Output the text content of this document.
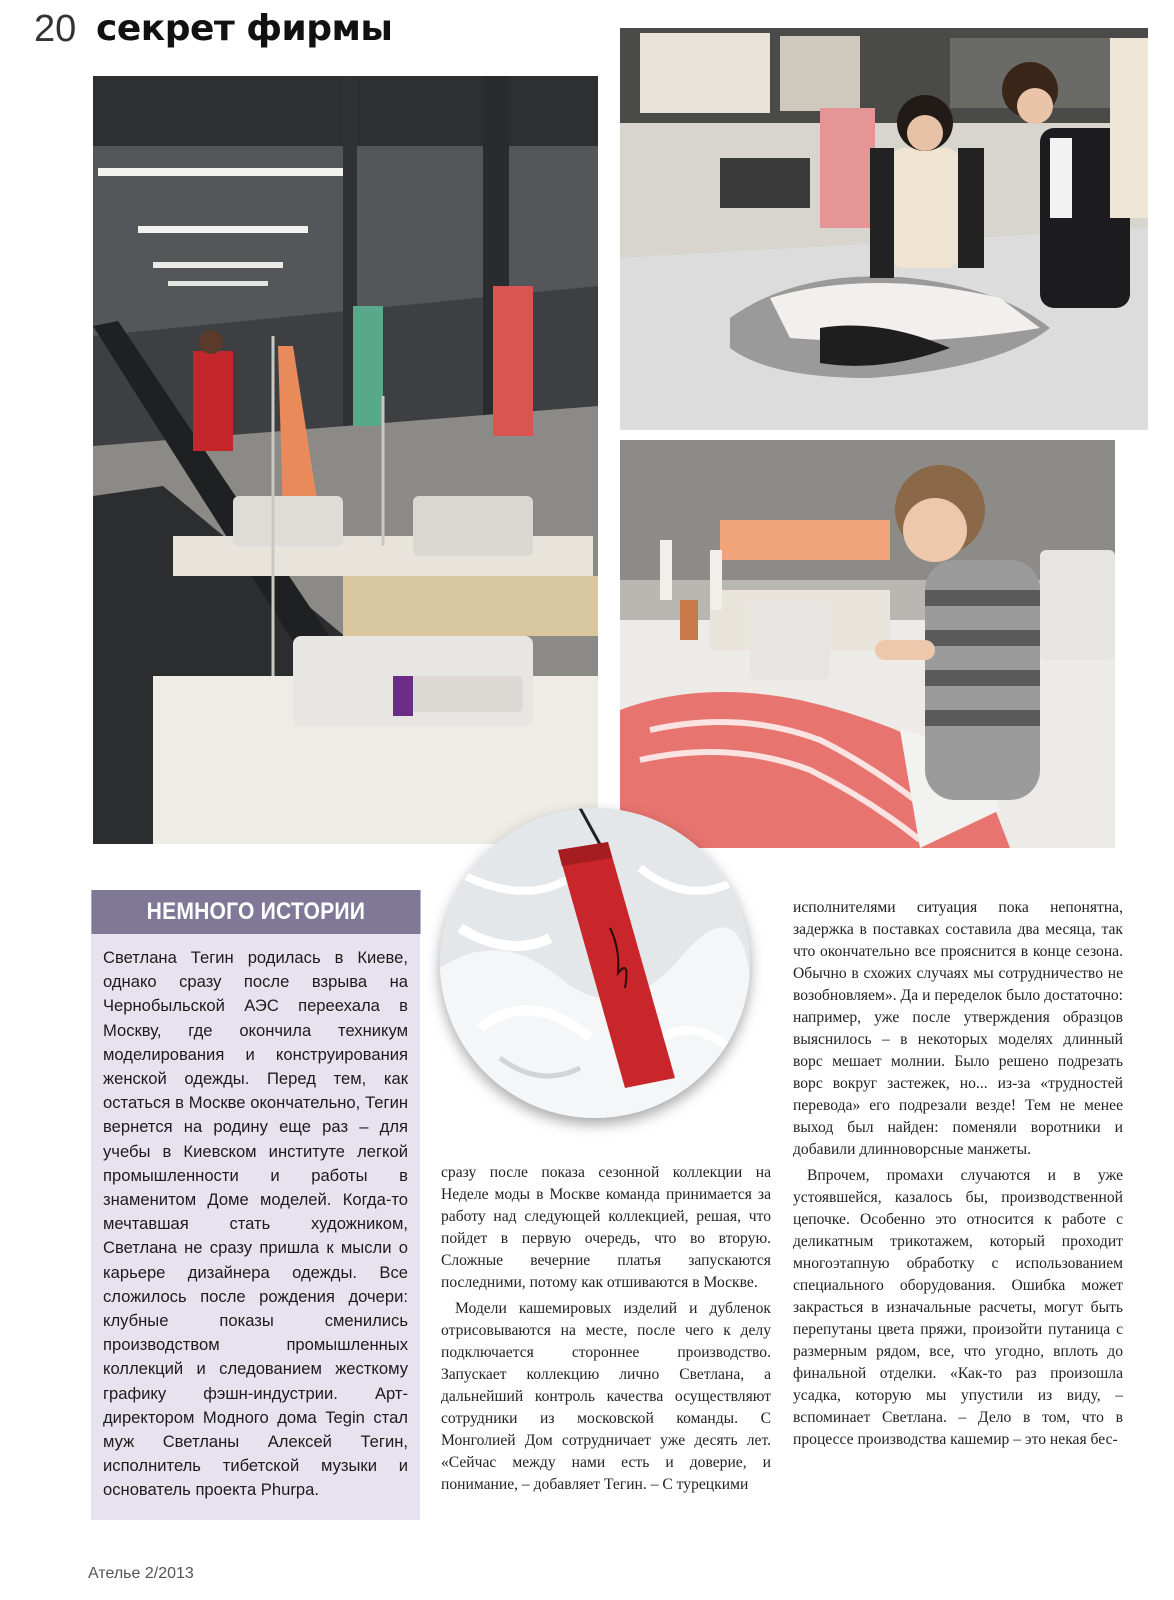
20 секрет фирмы
НЕМНОГО ИСТОРИИ
Светлана Тегин родилась в Киеве, однако сразу после взрыва на Чернобыльской АЭС переехала в Москву, где окончила техникум моделирования и конструирования женской одежды. Перед тем, как остаться в Москве окончательно, Тегин вернется на родину еще раз – для учебы в Киевском институте легкой промышленности и работы в знаменитом Доме моделей. Когда-то мечтавшая стать художником, Светлана не сразу пришла к мысли о карьере дизайнера одежды. Все сложилось после рождения дочери: клубные показы сменились производством промышленных коллекций и следованием жесткому графику фэшн-индустрии. Арт-директором Модного дома Tegin стал муж Светланы Алексей Тегин, исполнитель тибетской музыки и основатель проекта Phurpa.

сразу после показа сезонной коллекции на Неделе моды в Москве команда принимается за работу над следующей коллекцией, решая, что пойдет в первую очередь, что во вторую. Сложные вечерние платья запускаются последними, потому как отшиваются в Москве.

Модели кашемировых изделий и дубленок отрисовываются на месте, после чего к делу подключается стороннее производство. Запускает коллекцию лично Светлана, а дальнейший контроль качества осуществляют сотрудники из московской команды. С Монголией Дом сотрудничает уже десять лет. «Сейчас между нами есть и доверие, и понимание, – добавляет Тегин. – С турецкими

исполнителями ситуация пока непонятна, задержка в поставках составила два месяца, так что окончательно все прояснится в конце сезона. Обычно в схожих случаях мы сотрудничество не возобновляем». Да и переделок было достаточно: например, уже после утверждения образцов выяснилось – в некоторых моделях длинный ворс мешает молнии. Было решено подрезать ворс вокруг застежек, но... из-за «трудностей перевода» его подрезали везде! Тем не менее выход был найден: поменяли воротники и добавили длинноворсные манжеты.

Впрочем, промахи случаются и в уже устоявшейся, казалось бы, производственной цепочке. Особенно это относится к работе с деликатным трикотажем, который проходит многоэтапную обработку с использованием специального оборудования. Ошибка может закрасться в изначальные расчеты, могут быть перепутаны цвета пряжи, произойти путаница с размерным рядом, все, что угодно, вплоть до финальной отделки. «Как-то раз произошла усадка, которую мы упустили из виду, – вспоминает Светлана. – Дело в том, что в процессе производства кашемир – это некая бес-

Ателье 2/2013
